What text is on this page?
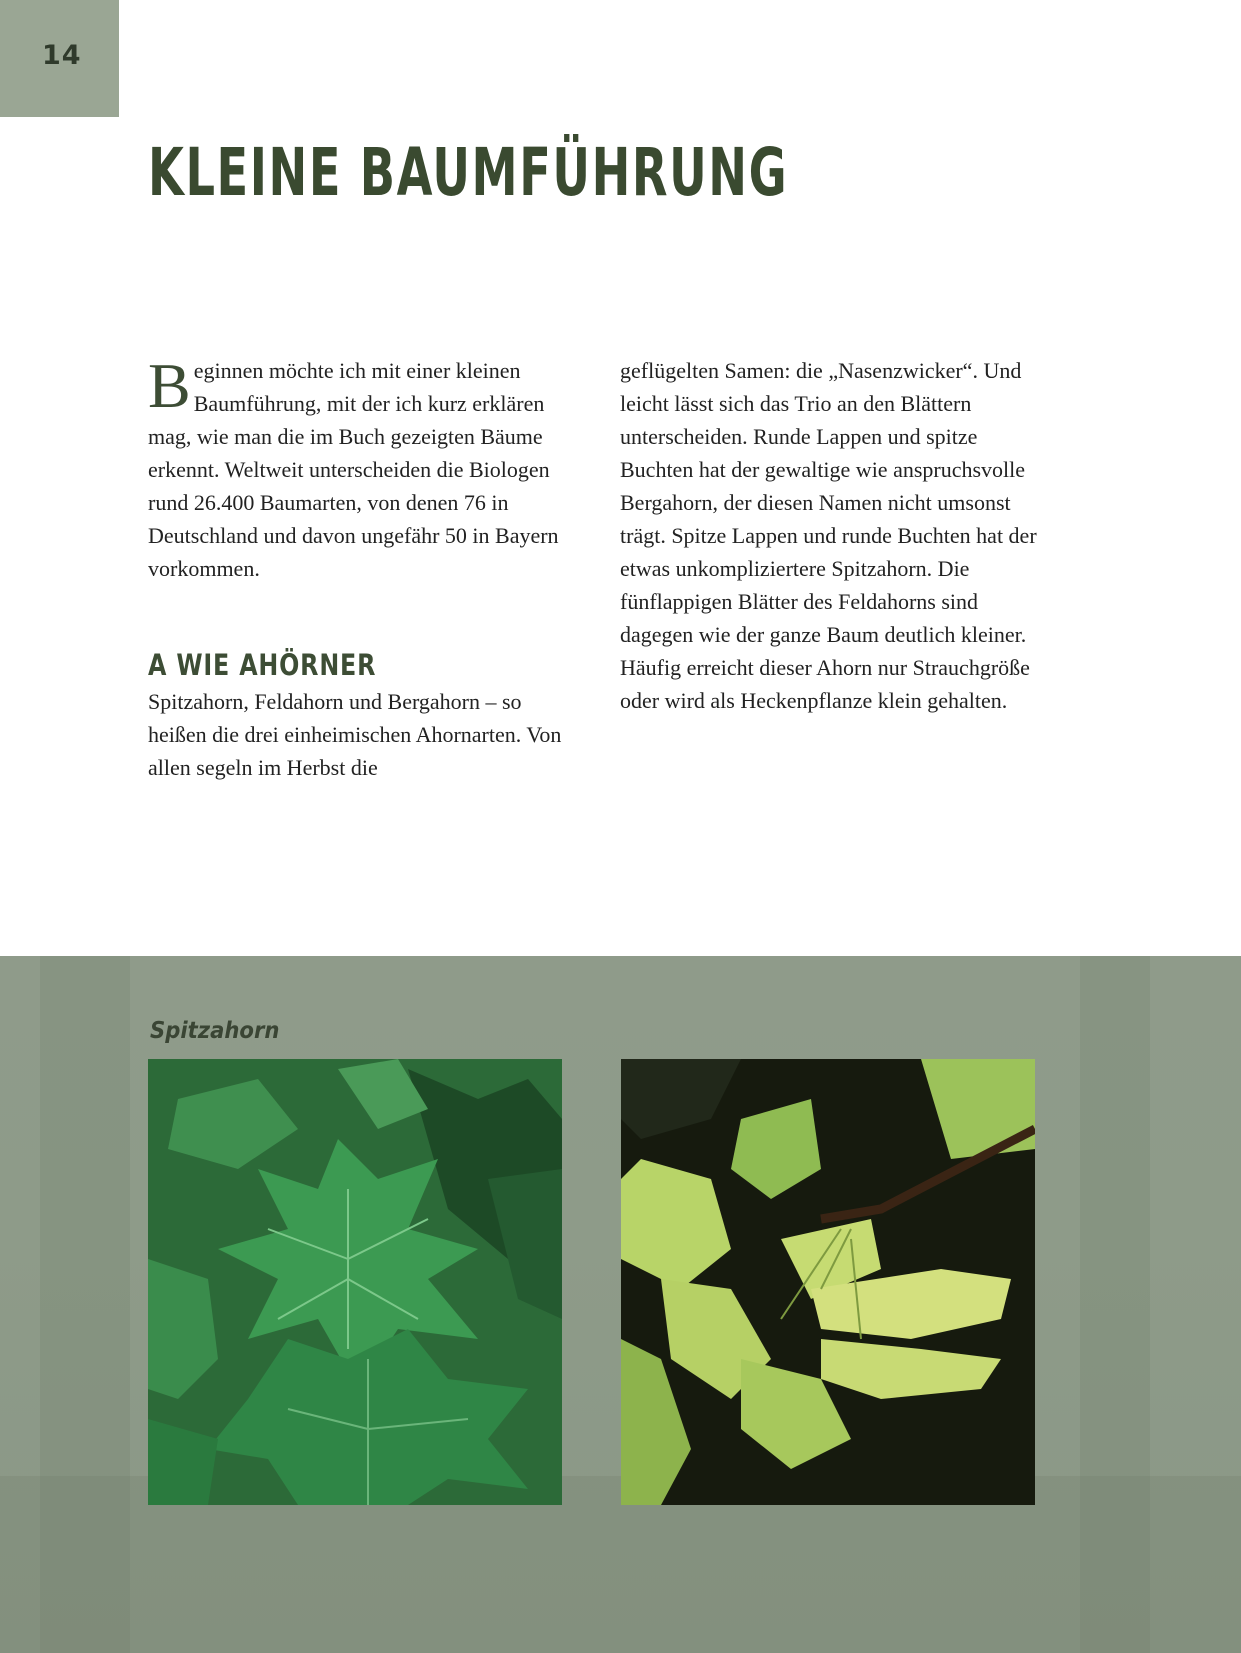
14
KLEINE BAUMFÜHRUNG

Beginnen möchte ich mit einer kleinen Baumführung, mit der ich kurz erklären mag, wie man die im Buch gezeigten Bäume erkennt. Weltweit unterscheiden die Biologen rund 26.400 Baumarten, von denen 76 in Deutschland und davon ungefähr 50 in Bayern vorkommen.

A WIE AHÖRNER

Spitzahorn, Feldahorn und Bergahorn – so heißen die drei einheimischen Ahornarten. Von allen segeln im Herbst die

geflügelten Samen: die „Nasenzwicker“. Und leicht lässt sich das Trio an den Blättern unterscheiden. Runde Lappen und spitze Buchten hat der gewaltige wie anspruchsvolle Bergahorn, der diesen Namen nicht umsonst trägt. Spitze Lappen und runde Buchten hat der etwas unkompliziertere Spitzahorn. Die fünflappigen Blätter des Feldahorns sind dagegen wie der ganze Baum deutlich kleiner. Häufig erreicht dieser Ahorn nur Strauchgröße oder wird als Heckenpflanze klein gehalten.

Spitzahorn
